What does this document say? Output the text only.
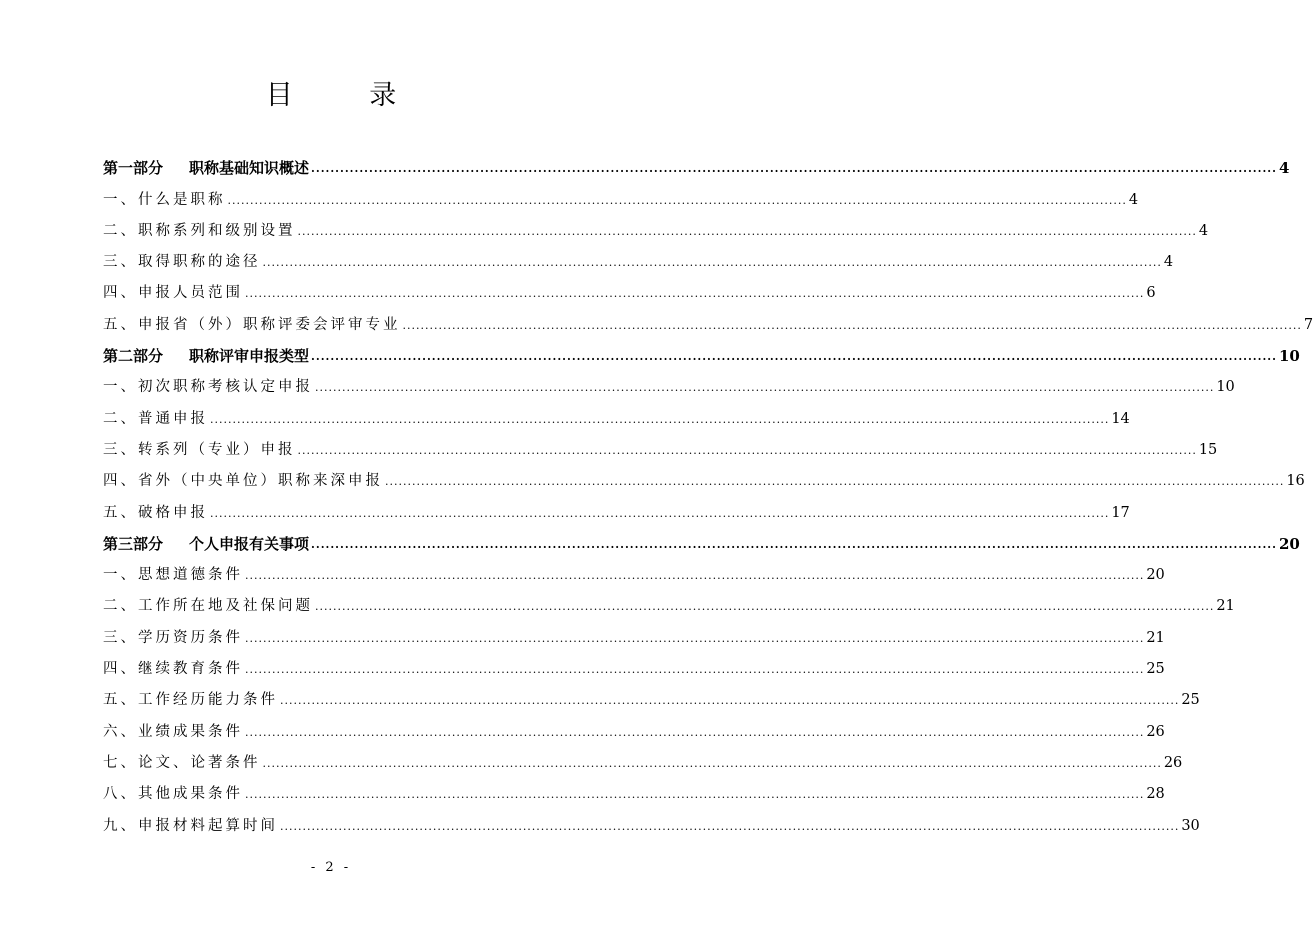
目 录
第一部分 职称基础知识概述 ........................................................................................................................................................................................................ 4
一、什么是职称 ........................................................................................................................................................................................................ 4
二、职称系列和级别设置 ........................................................................................................................................................................................................ 4
三、取得职称的途径 ........................................................................................................................................................................................................ 4
四、申报人员范围 ........................................................................................................................................................................................................ 6
五、申报省（外）职称评委会评审专业 ........................................................................................................................................................................................................ 7
第二部分 职称评审申报类型 ........................................................................................................................................................................................................ 10
一、初次职称考核认定申报 ........................................................................................................................................................................................................ 10
二、普通申报 ........................................................................................................................................................................................................ 14
三、转系列（专业）申报 ........................................................................................................................................................................................................ 15
四、省外（中央单位）职称来深申报 ........................................................................................................................................................................................................ 16
五、破格申报 ........................................................................................................................................................................................................ 17
第三部分 个人申报有关事项 ........................................................................................................................................................................................................ 20
一、思想道德条件 ........................................................................................................................................................................................................ 20
二、工作所在地及社保问题 ........................................................................................................................................................................................................ 21
三、学历资历条件 ........................................................................................................................................................................................................ 21
四、继续教育条件 ........................................................................................................................................................................................................ 25
五、工作经历能力条件 ........................................................................................................................................................................................................ 25
六、业绩成果条件 ........................................................................................................................................................................................................ 26
七、论文、论著条件 ........................................................................................................................................................................................................ 26
八、其他成果条件 ........................................................................................................................................................................................................ 28
九、申报材料起算时间 ........................................................................................................................................................................................................ 30
- 2 -
